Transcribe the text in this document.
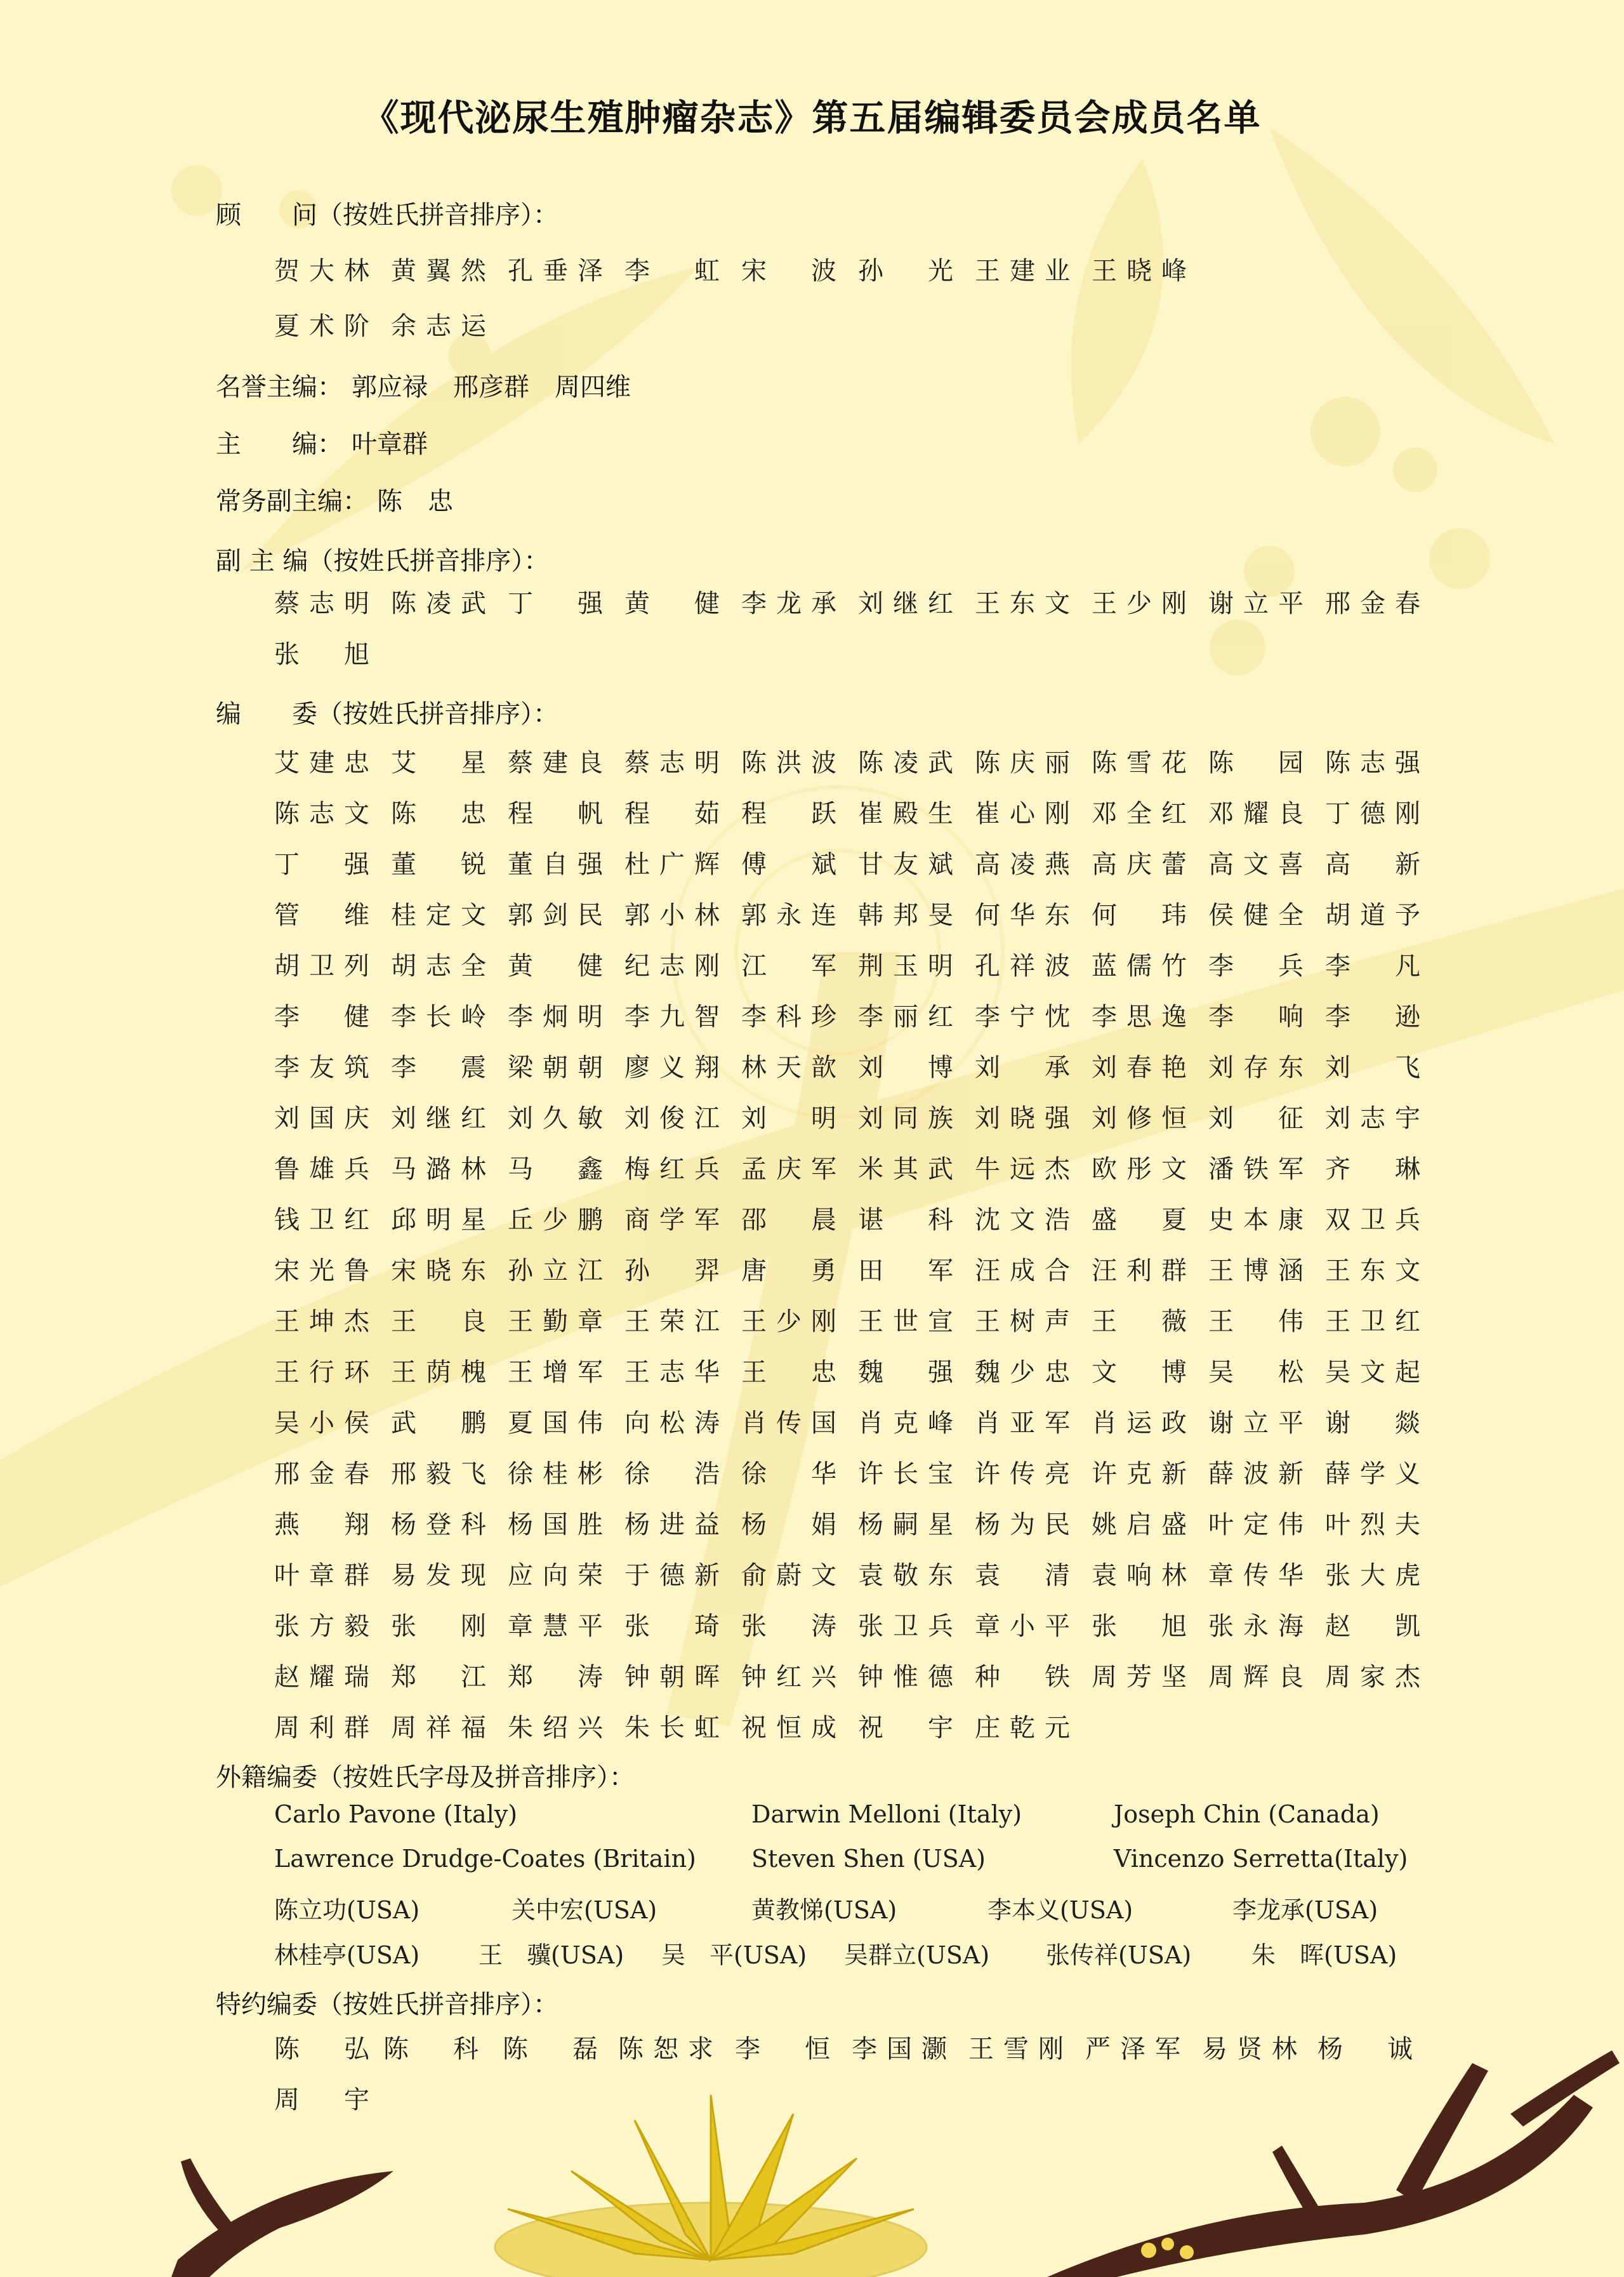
《现代泌尿生殖肿瘤杂志》第五届编辑委员会成员名单
顾　　问（按姓氏拼音排序）：
贺大林 黄翼然 孔垂泽 李　虹 宋　波 孙　光 王建业 王晓峰
夏术阶 余志运
名誉主编： 郭应禄　邢彦群　周四维
主　　编： 叶章群
常务副主编： 陈　忠
副 主 编（按姓氏拼音排序）：
蔡志明 陈凌武 丁　强 黄　健 李龙承 刘继红 王东文 王少刚 谢立平 邢金春
张　旭
编　　委（按姓氏拼音排序）：
艾建忠 艾　星 蔡建良 蔡志明 陈洪波 陈凌武 陈庆丽 陈雪花 陈　园 陈志强
陈志文 陈　忠 程　帆 程　茹 程　跃 崔殿生 崔心刚 邓全红 邓耀良 丁德刚
丁　强 董　锐 董自强 杜广辉 傅　斌 甘友斌 高凌燕 高庆蕾 高文喜 高　新
管　维 桂定文 郭剑民 郭小林 郭永连 韩邦旻 何华东 何　玮 侯健全 胡道予
胡卫列 胡志全 黄　健 纪志刚 江　军 荆玉明 孔祥波 蓝儒竹 李　兵 李　凡
李　健 李长岭 李炯明 李九智 李科珍 李丽红 李宁忱 李思逸 李　响 李　逊
李友筑 李　震 梁朝朝 廖义翔 林天歆 刘　博 刘　承 刘春艳 刘存东 刘　飞
刘国庆 刘继红 刘久敏 刘俊江 刘　明 刘同族 刘晓强 刘修恒 刘　征 刘志宇
鲁雄兵 马潞林 马　鑫 梅红兵 孟庆军 米其武 牛远杰 欧彤文 潘铁军 齐　琳
钱卫红 邱明星 丘少鹏 商学军 邵　晨 谌　科 沈文浩 盛　夏 史本康 双卫兵
宋光鲁 宋晓东 孙立江 孙　羿 唐　勇 田　军 汪成合 汪利群 王博涵 王东文
王坤杰 王　良 王勤章 王荣江 王少刚 王世宣 王树声 王　薇 王　伟 王卫红
王行环 王荫槐 王增军 王志华 王　忠 魏　强 魏少忠 文　博 吴　松 吴文起
吴小侯 武　鹏 夏国伟 向松涛 肖传国 肖克峰 肖亚军 肖运政 谢立平 谢　燚
邢金春 邢毅飞 徐桂彬 徐　浩 徐　华 许长宝 许传亮 许克新 薛波新 薛学义
燕　翔 杨登科 杨国胜 杨进益 杨　娟 杨嗣星 杨为民 姚启盛 叶定伟 叶烈夫
叶章群 易发现 应向荣 于德新 俞蔚文 袁敬东 袁　清 袁响林 章传华 张大虎
张方毅 张　刚 章慧平 张　琦 张　涛 张卫兵 章小平 张　旭 张永海 赵　凯
赵耀瑞 郑　江 郑　涛 钟朝晖 钟红兴 钟惟德 种　铁 周芳坚 周辉良 周家杰
周利群 周祥福 朱绍兴 朱长虹 祝恒成 祝　宇 庄乾元
外籍编委（按姓氏字母及拼音排序）：
Carlo Pavone (Italy)	Darwin Melloni (Italy)	Joseph Chin (Canada)
Lawrence Drudge-Coates (Britain) Steven Shen (USA)	Vincenzo Serretta(Italy)
陈立功(USA)	关中宏(USA)	黄教悌(USA)	李本义(USA)	李龙承(USA)
林桂亭(USA) 王　骥(USA) 吴　平(USA) 吴群立(USA) 张传祥(USA) 朱　晖(USA)
特约编委（按姓氏拼音排序）：
陈　弘 陈　科 陈　磊 陈恕求 李　恒 李国灏 王雪刚 严泽军 易贤林 杨　诚
周　宇
